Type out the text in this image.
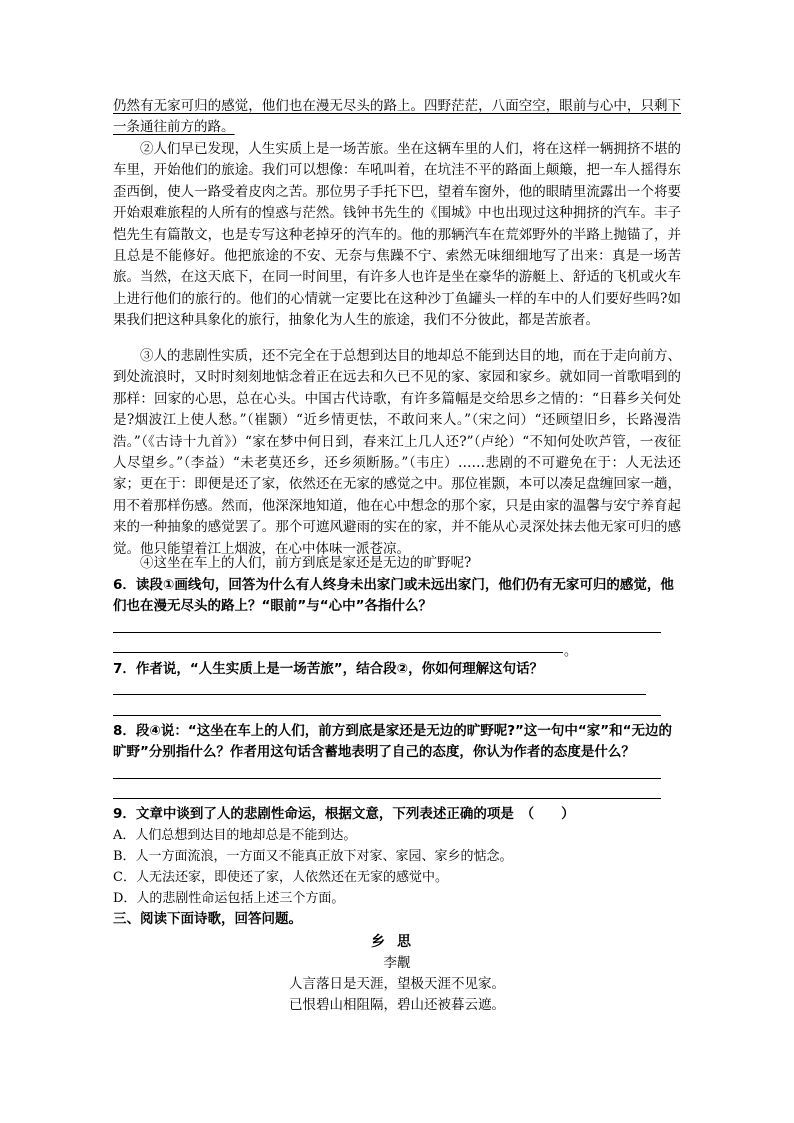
仍然有无家可归的感觉，他们也在漫无尽头的路上。四野茫茫，八面空空，眼前与心中，只剩下一条通往前方的路。

②人们早已发现，人生实质上是一场苦旅。坐在这辆车里的人们，将在这样一辆拥挤不堪的车里，开始他们的旅途。我们可以想像：车吼叫着，在坑洼不平的路面上颠簸，把一车人摇得东歪西倒，使人一路受着皮肉之苦。那位男子手托下巴，望着车窗外，他的眼睛里流露出一个将要开始艰难旅程的人所有的惶惑与茫然。钱钟书先生的《围城》中也出现过这种拥挤的汽车。丰子恺先生有篇散文，也是专写这种老掉牙的汽车的。他的那辆汽车在荒郊野外的半路上抛锚了，并且总是不能修好。他把旅途的不安、无奈与焦躁不宁、索然无味细细地写了出来：真是一场苦旅。当然，在这天底下，在同一时间里，有许多人也许是坐在豪华的游艇上、舒适的飞机或火车上进行他们的旅行的。他们的心情就一定要比在这种沙丁鱼罐头一样的车中的人们要好些吗?如果我们把这种具象化的旅行，抽象化为人生的旅途，我们不分彼此，都是苦旅者。

③人的悲剧性实质，还不完全在于总想到达目的地却总不能到达目的地，而在于走向前方、到处流浪时，又时时刻刻地惦念着正在远去和久已不见的家、家园和家乡。就如同一首歌唱到的那样：回家的心思，总在心头。中国古代诗歌，有许多篇幅是交给思乡之情的：“日暮乡关何处是?烟波江上使人愁。”（崔颢）“近乡情更怯，不敢问来人。”（宋之问）“还顾望旧乡，长路漫浩浩。”（《古诗十九首》）“家在梦中何日到，春来江上几人还?”（卢纶）“不知何处吹芦管，一夜征人尽望乡。”（李益）“未老莫还乡，还乡须断肠。”（韦庄）……悲剧的不可避免在于：人无法还家；更在于：即便是还了家，依然还在无家的感觉之中。那位崔颢，本可以凑足盘缠回家一趟，用不着那样伤感。然而，他深深地知道，他在心中想念的那个家，只是由家的温馨与安宁养育起来的一种抽象的感觉罢了。那个可遮风避雨的实在的家，并不能从心灵深处抹去他无家可归的感觉。他只能望着江上烟波，在心中体味一派苍凉。

④这坐在车上的人们，前方到底是家还是无边的旷野呢?

6．读段①画线句，回答为什么有人终身未出家门或未远出家门，他们仍有无家可归的感觉，他们也在漫无尽头的路上？“眼前”与“心中”各指什么？

。

7．作者说，“人生实质上是一场苦旅”，结合段②，你如何理解这句话？

8．段④说：“这坐在车上的人们，前方到底是家还是无边的旷野呢?”这一句中“家”和“无边的旷野”分别指什么？作者用这句话含蓄地表明了自己的态度，你认为作者的态度是什么？

9．文章中谈到了人的悲剧性命运，根据文意，下列表述正确的项是　（　　）

A．人们总想到达目的地却总是不能到达。

B．人一方面流浪，一方面又不能真正放下对家、家园、家乡的惦念。

C．人无法还家，即使还了家，人依然还在无家的感觉中。

D．人的悲剧性命运包括上述三个方面。

三、阅读下面诗歌，回答问题。

乡思

李觏

人言落日是天涯，望极天涯不见家。

已恨碧山相阻隔，碧山还被暮云遮。
